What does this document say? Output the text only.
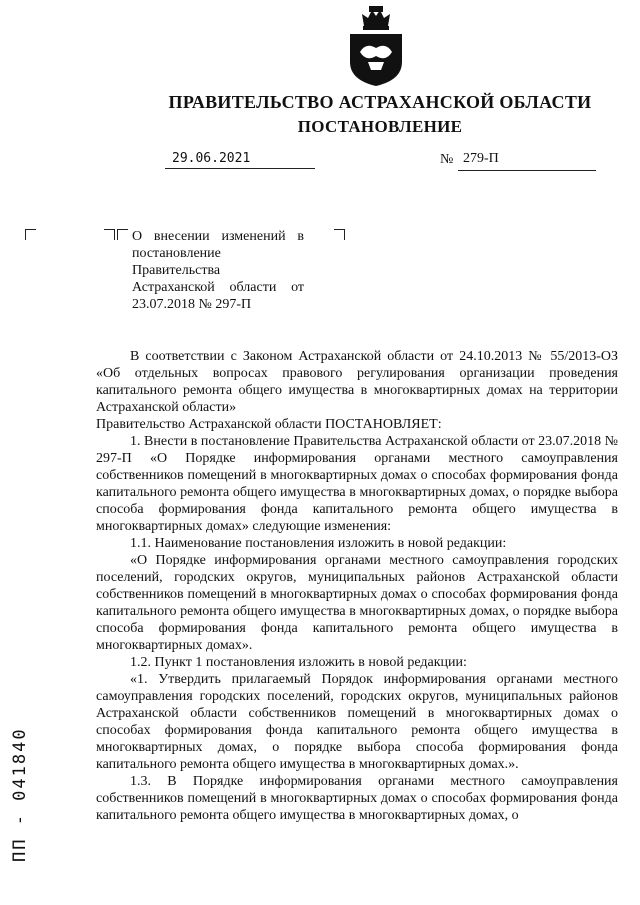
ПРАВИТЕЛЬСТВО АСТРАХАНСКОЙ ОБЛАСТИ
ПОСТАНОВЛЕНИЕ
29.06.2021	№ 279-П
О внесении изменений в постановление Правительства Астраханской области от 23.07.2018 № 297-П

В соответствии с Законом Астраханской области от 24.10.2013 № 55/2013-ОЗ «Об отдельных вопросах правового регулирования организации проведения капитального ремонта общего имущества в многоквартирных домах на территории Астраханской области»

Правительство Астраханской области ПОСТАНОВЛЯЕТ:

1. Внести в постановление Правительства Астраханской области от 23.07.2018 № 297-П «О Порядке информирования органами местного самоуправления собственников помещений в многоквартирных домах о способах формирования фонда капитального ремонта общего имущества в многоквартирных домах, о порядке выбора способа формирования фонда капитального ремонта общего имущества в многоквартирных домах» следующие изменения:

1.1. Наименование постановления изложить в новой редакции:

«О Порядке информирования органами местного самоуправления городских поселений, городских округов, муниципальных районов Астраханской области собственников помещений в многоквартирных домах о способах формирования фонда капитального ремонта общего имущества в многоквартирных домах, о порядке выбора способа формирования фонда капитального ремонта общего имущества в многоквартирных домах».

1.2. Пункт 1 постановления изложить в новой редакции:

«1. Утвердить прилагаемый Порядок информирования органами местного самоуправления городских поселений, городских округов, муниципальных районов Астраханской области собственников помещений в многоквартирных домах о способах формирования фонда капитального ремонта общего имущества в многоквартирных домах, о порядке выбора способа формирования фонда капитального ремонта общего имущества в многоквартирных домах.».

1.3. В Порядке информирования органами местного самоуправления собственников помещений в многоквартирных домах о способах формирования фонда капитального ремонта общего имущества в многоквартирных домах, о

ПП - 041840
